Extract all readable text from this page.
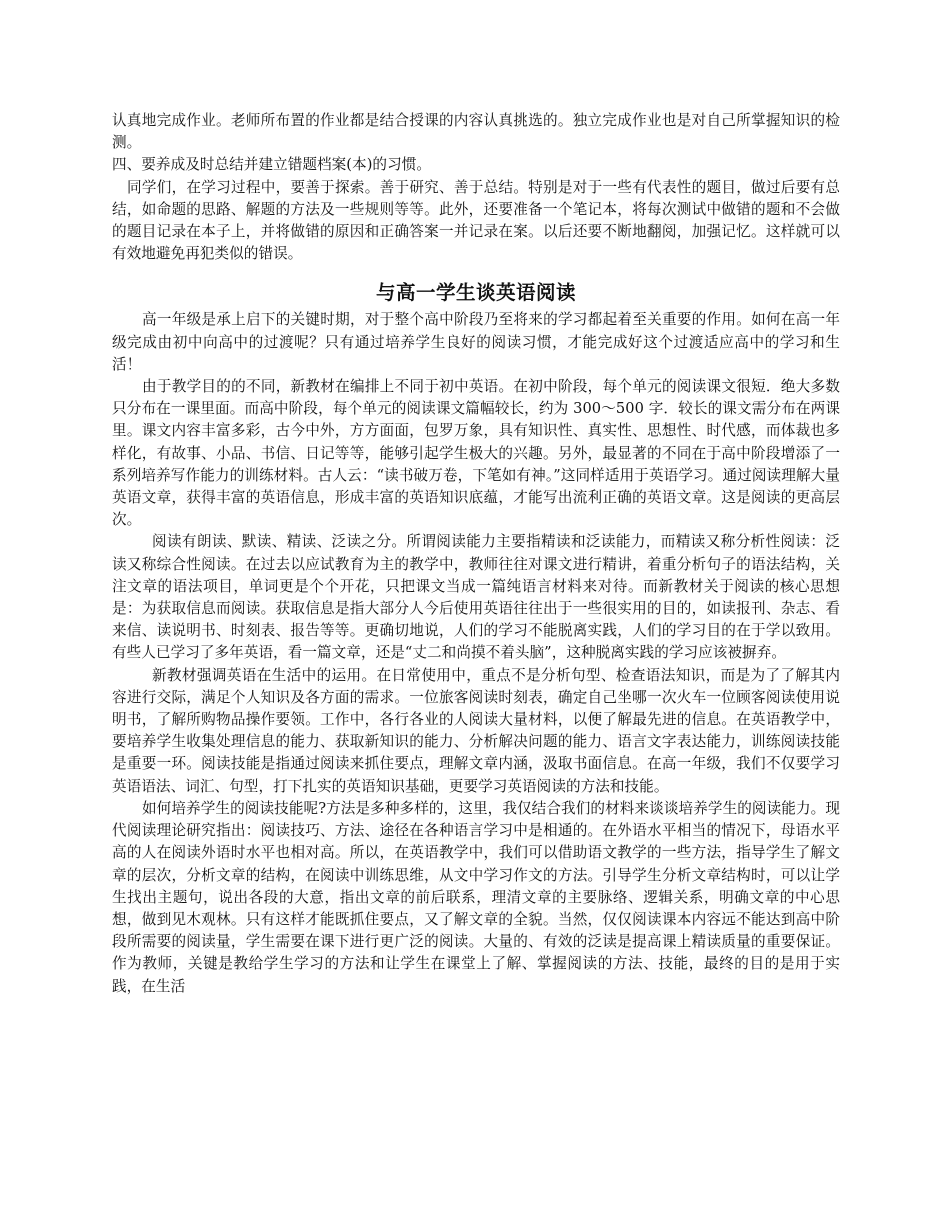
认真地完成作业。老师所布置的作业都是结合授课的内容认真挑选的。独立完成作业也是对自己所掌握知识的检测。

四、要养成及时总结并建立错题档案(本)的习惯。

同学们，在学习过程中，要善于探索。善于研究、善于总结。特别是对于一些有代表性的题目，做过后要有总结，如命题的思路、解题的方法及一些规则等等。此外，还要准备一个笔记本，将每次测试中做错的题和不会做的题目记录在本子上，并将做错的原因和正确答案一并记录在案。以后还要不断地翻阅，加强记忆。这样就可以有效地避免再犯类似的错误。

与高一学生谈英语阅读

高一年级是承上启下的关键时期，对于整个高中阶段乃至将来的学习都起着至关重要的作用。如何在高一年级完成由初中向高中的过渡呢？只有通过培养学生良好的阅读习惯，才能完成好这个过渡适应高中的学习和生活！

由于教学目的的不同，新教材在编排上不同于初中英语。在初中阶段，每个单元的阅读课文很短．绝大多数只分布在一课里面。而高中阶段，每个单元的阅读课文篇幅较长，约为 300～500 字．较长的课文需分布在两课里。课文内容丰富多彩，古今中外，方方面面，包罗万象，具有知识性、真实性、思想性、时代感，而体裁也多样化，有故事、小品、书信、日记等等，能够引起学生极大的兴趣。另外，最显著的不同在于高中阶段增添了一系列培养写作能力的训练材料。古人云：“读书破万卷，下笔如有神。”这同样适用于英语学习。通过阅读理解大量英语文章，获得丰富的英语信息，形成丰富的英语知识底蕴，才能写出流利正确的英语文章。这是阅读的更高层次。

阅读有朗读、默读、精读、泛读之分。所谓阅读能力主要指精读和泛读能力，而精读又称分析性阅读：泛读又称综合性阅读。在过去以应试教育为主的教学中，教师往往对课文进行精讲，着重分析句子的语法结构，关注文章的语法项目，单词更是个个开花，只把课文当成一篇纯语言材料来对待。而新教材关于阅读的核心思想是：为获取信息而阅读。获取信息是指大部分人今后使用英语往往出于一些很实用的目的，如读报刊、杂志、看来信、读说明书、时刻表、报告等等。更确切地说，人们的学习不能脱离实践，人们的学习目的在于学以致用。有些人已学习了多年英语，看一篇文章，还是“丈二和尚摸不着头脑”，这种脱离实践的学习应该被摒弃。

新教材强调英语在生活中的运用。在日常使用中，重点不是分析句型、检查语法知识，而是为了了解其内容进行交际，满足个人知识及各方面的需求。一位旅客阅读时刻表，确定自己坐哪一次火车一位顾客阅读使用说明书，了解所购物品操作要领。工作中，各行各业的人阅读大量材料，以便了解最先进的信息。在英语教学中，要培养学生收集处理信息的能力、获取新知识的能力、分析解决问题的能力、语言文字表达能力，训练阅读技能是重要一环。阅读技能是指通过阅读来抓住要点，理解文章内涵，汲取书面信息。在高一年级，我们不仅要学习英语语法、词汇、句型，打下扎实的英语知识基础，更要学习英语阅读的方法和技能。

如何培养学生的阅读技能呢?方法是多种多样的，这里，我仅结合我们的材料来谈谈培养学生的阅读能力。现代阅读理论研究指出：阅读技巧、方法、途径在各种语言学习中是相通的。在外语水平相当的情况下，母语水平高的人在阅读外语时水平也相对高。所以，在英语教学中，我们可以借助语文教学的一些方法，指导学生了解文章的层次，分析文章的结构，在阅读中训练思维，从文中学习作文的方法。引导学生分析文章结构时，可以让学生找出主题句，说出各段的大意，指出文章的前后联系，理清文章的主要脉络、逻辑关系，明确文章的中心思想，做到见木观林。只有这样才能既抓住要点，又了解文章的全貌。当然，仅仅阅读课本内容远不能达到高中阶段所需要的阅读量，学生需要在课下进行更广泛的阅读。大量的、有效的泛读是提高课上精读质量的重要保证。作为教师，关键是教给学生学习的方法和让学生在课堂上了解、掌握阅读的方法、技能，最终的目的是用于实践，在生活
